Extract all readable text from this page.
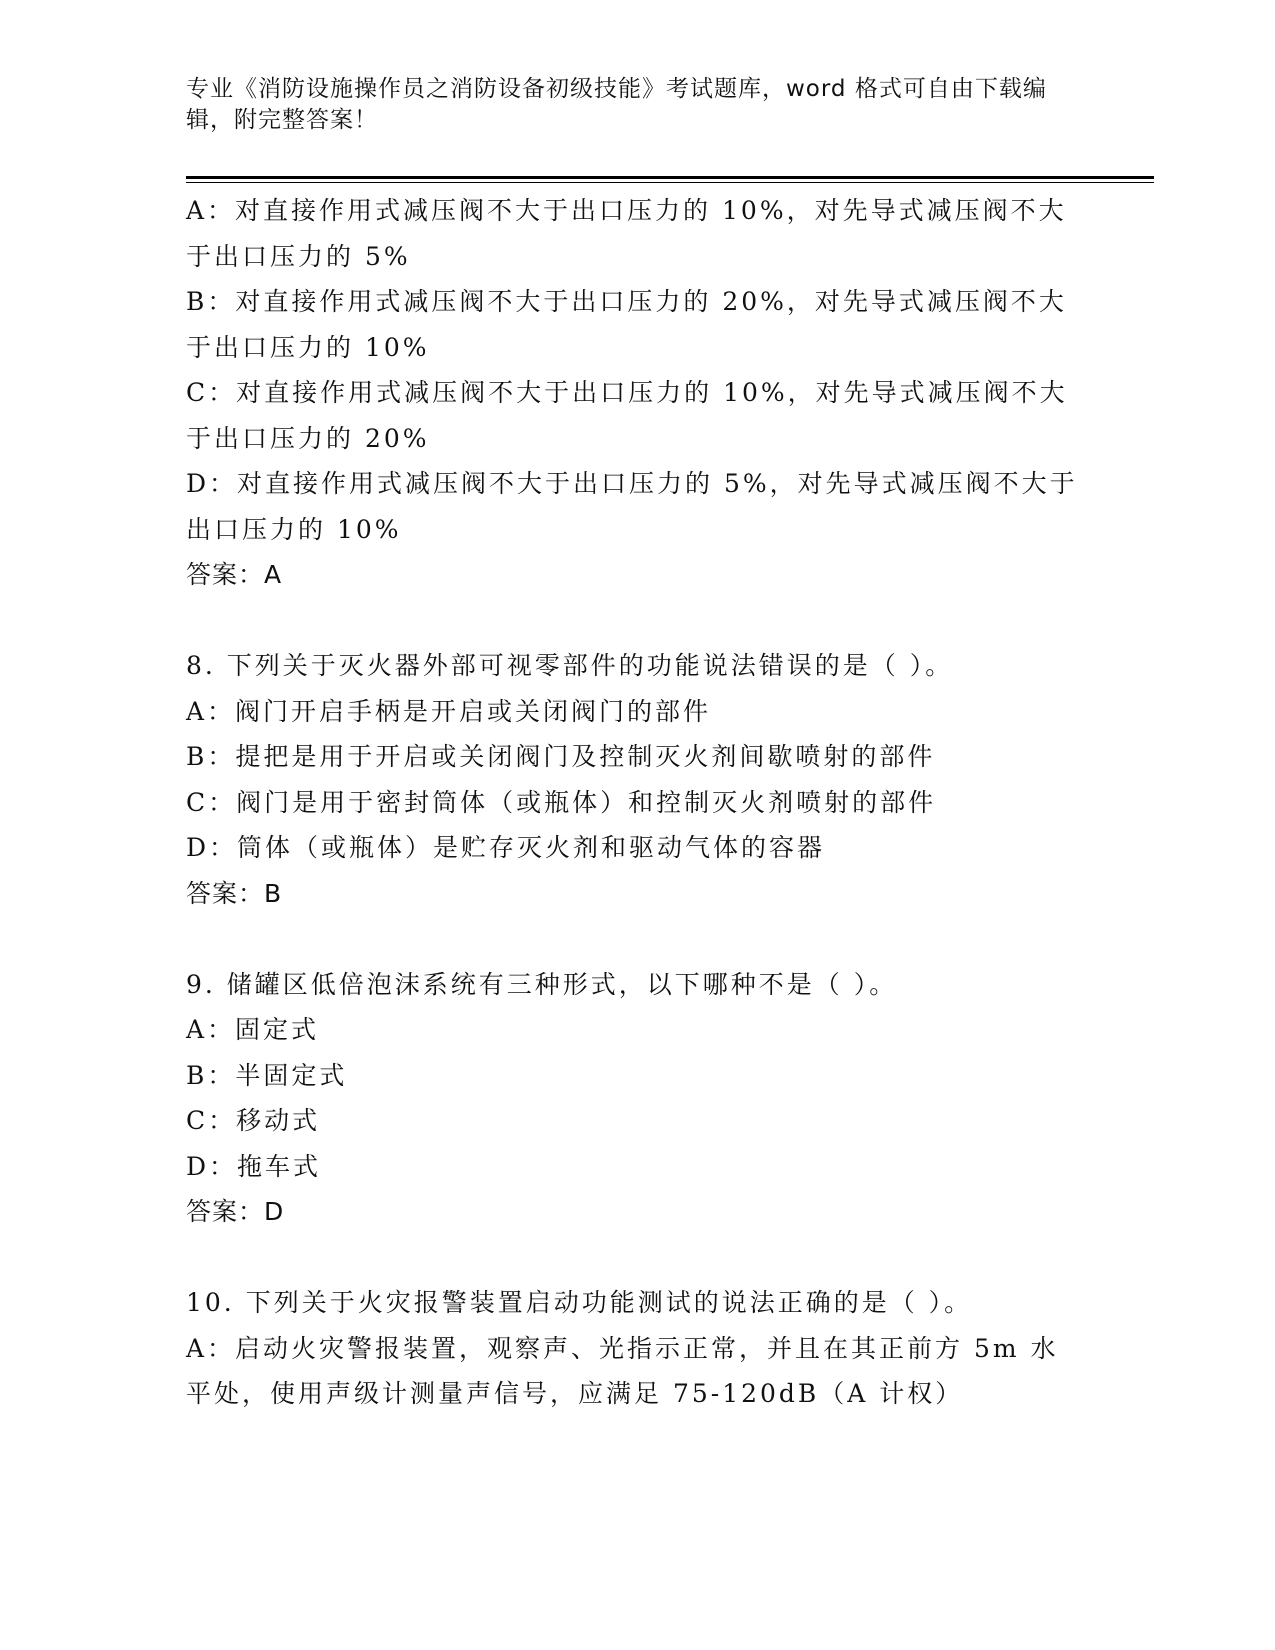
专业《消防设施操作员之消防设备初级技能》考试题库，word 格式可自由下载编
辑，附完整答案！
A：对直接作用式减压阀不大于出口压力的 10%，对先导式减压阀不大
于出口压力的 5%
B：对直接作用式减压阀不大于出口压力的 20%，对先导式减压阀不大
于出口压力的 10%
C：对直接作用式减压阀不大于出口压力的 10%，对先导式减压阀不大
于出口压力的 20%
D：对直接作用式减压阀不大于出口压力的 5%，对先导式减压阀不大于
出口压力的 10%
答案：A
8. 下列关于灭火器外部可视零部件的功能说法错误的是（ ）。
A：阀门开启手柄是开启或关闭阀门的部件
B：提把是用于开启或关闭阀门及控制灭火剂间歇喷射的部件
C：阀门是用于密封筒体（或瓶体）和控制灭火剂喷射的部件
D：筒体（或瓶体）是贮存灭火剂和驱动气体的容器
答案：B
9. 储罐区低倍泡沫系统有三种形式，以下哪种不是（ ）。
A：固定式
B：半固定式
C：移动式
D：拖车式
答案：D
10. 下列关于火灾报警装置启动功能测试的说法正确的是（ ）。
A：启动火灾警报装置，观察声、光指示正常，并且在其正前方 5m 水
平处，使用声级计测量声信号，应满足 75-120dB（A 计权）
